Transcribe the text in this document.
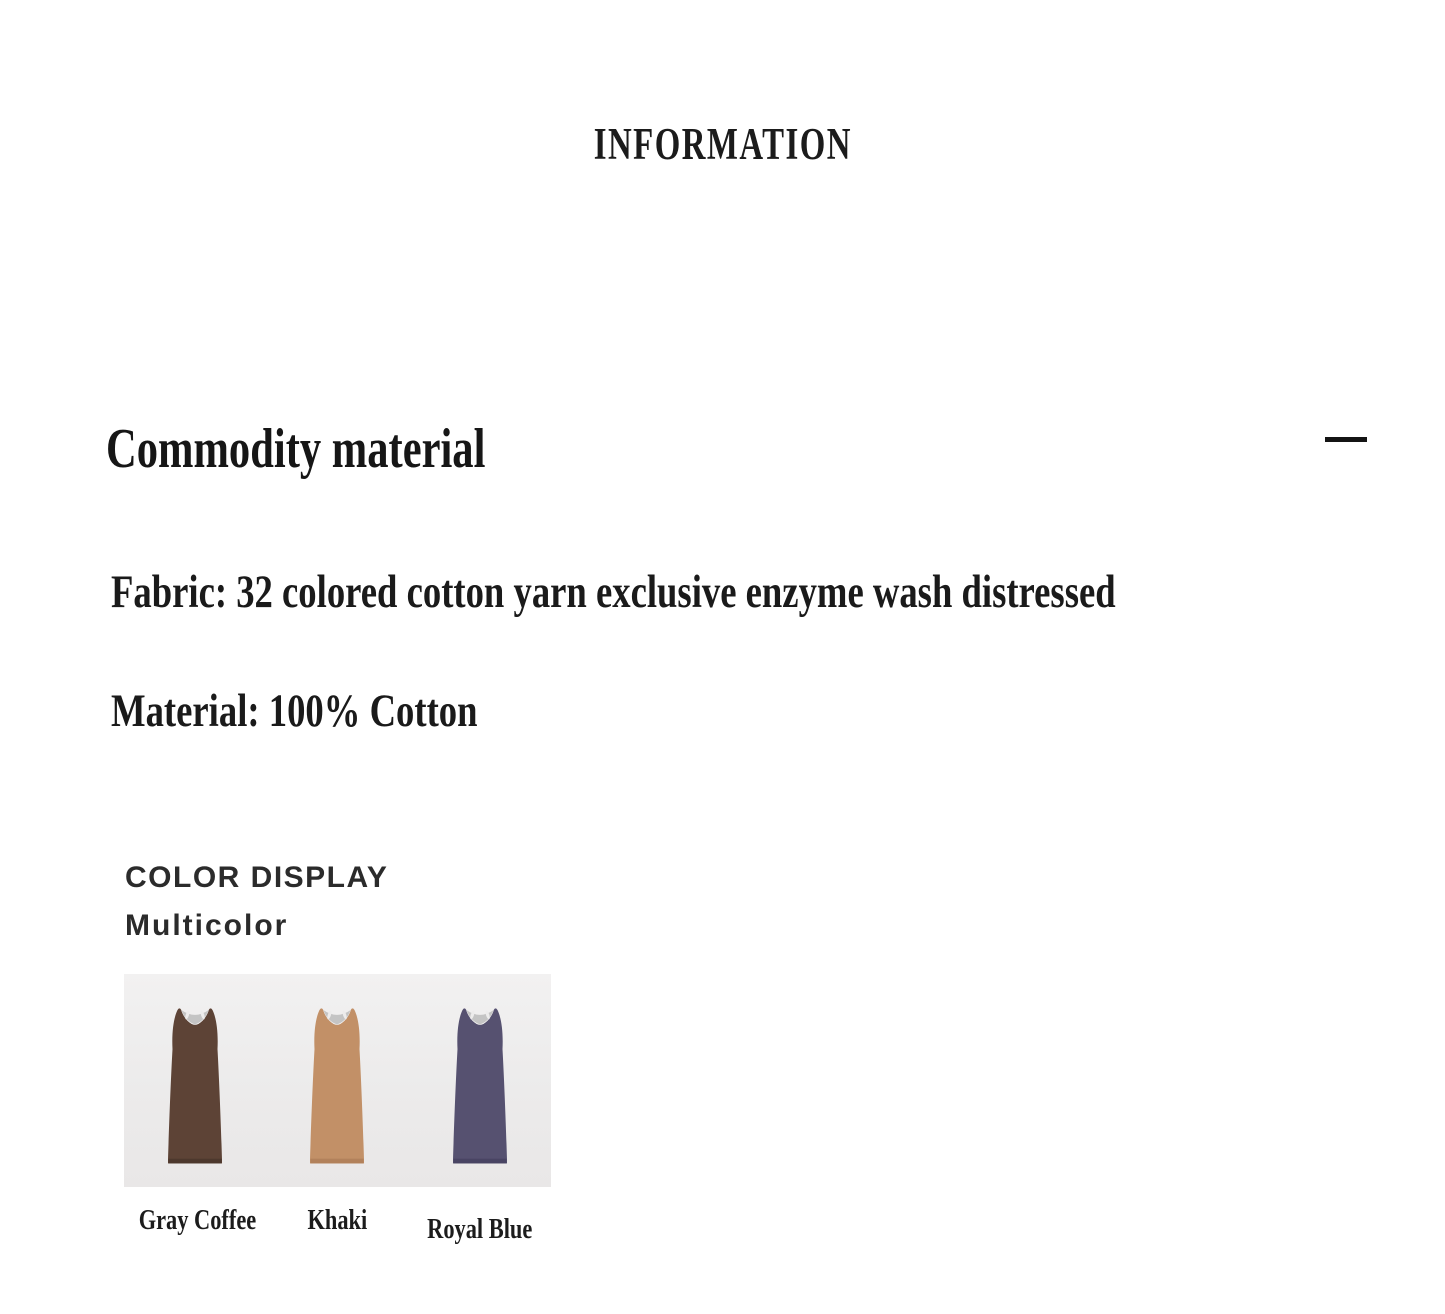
INFORMATION
Commodity material

Fabric: 32 colored cotton yarn exclusive enzyme wash distressed

Material: 100% Cotton

COLOR DISPLAY
Multicolor
Gray Coffee	Khaki	Royal Blue
